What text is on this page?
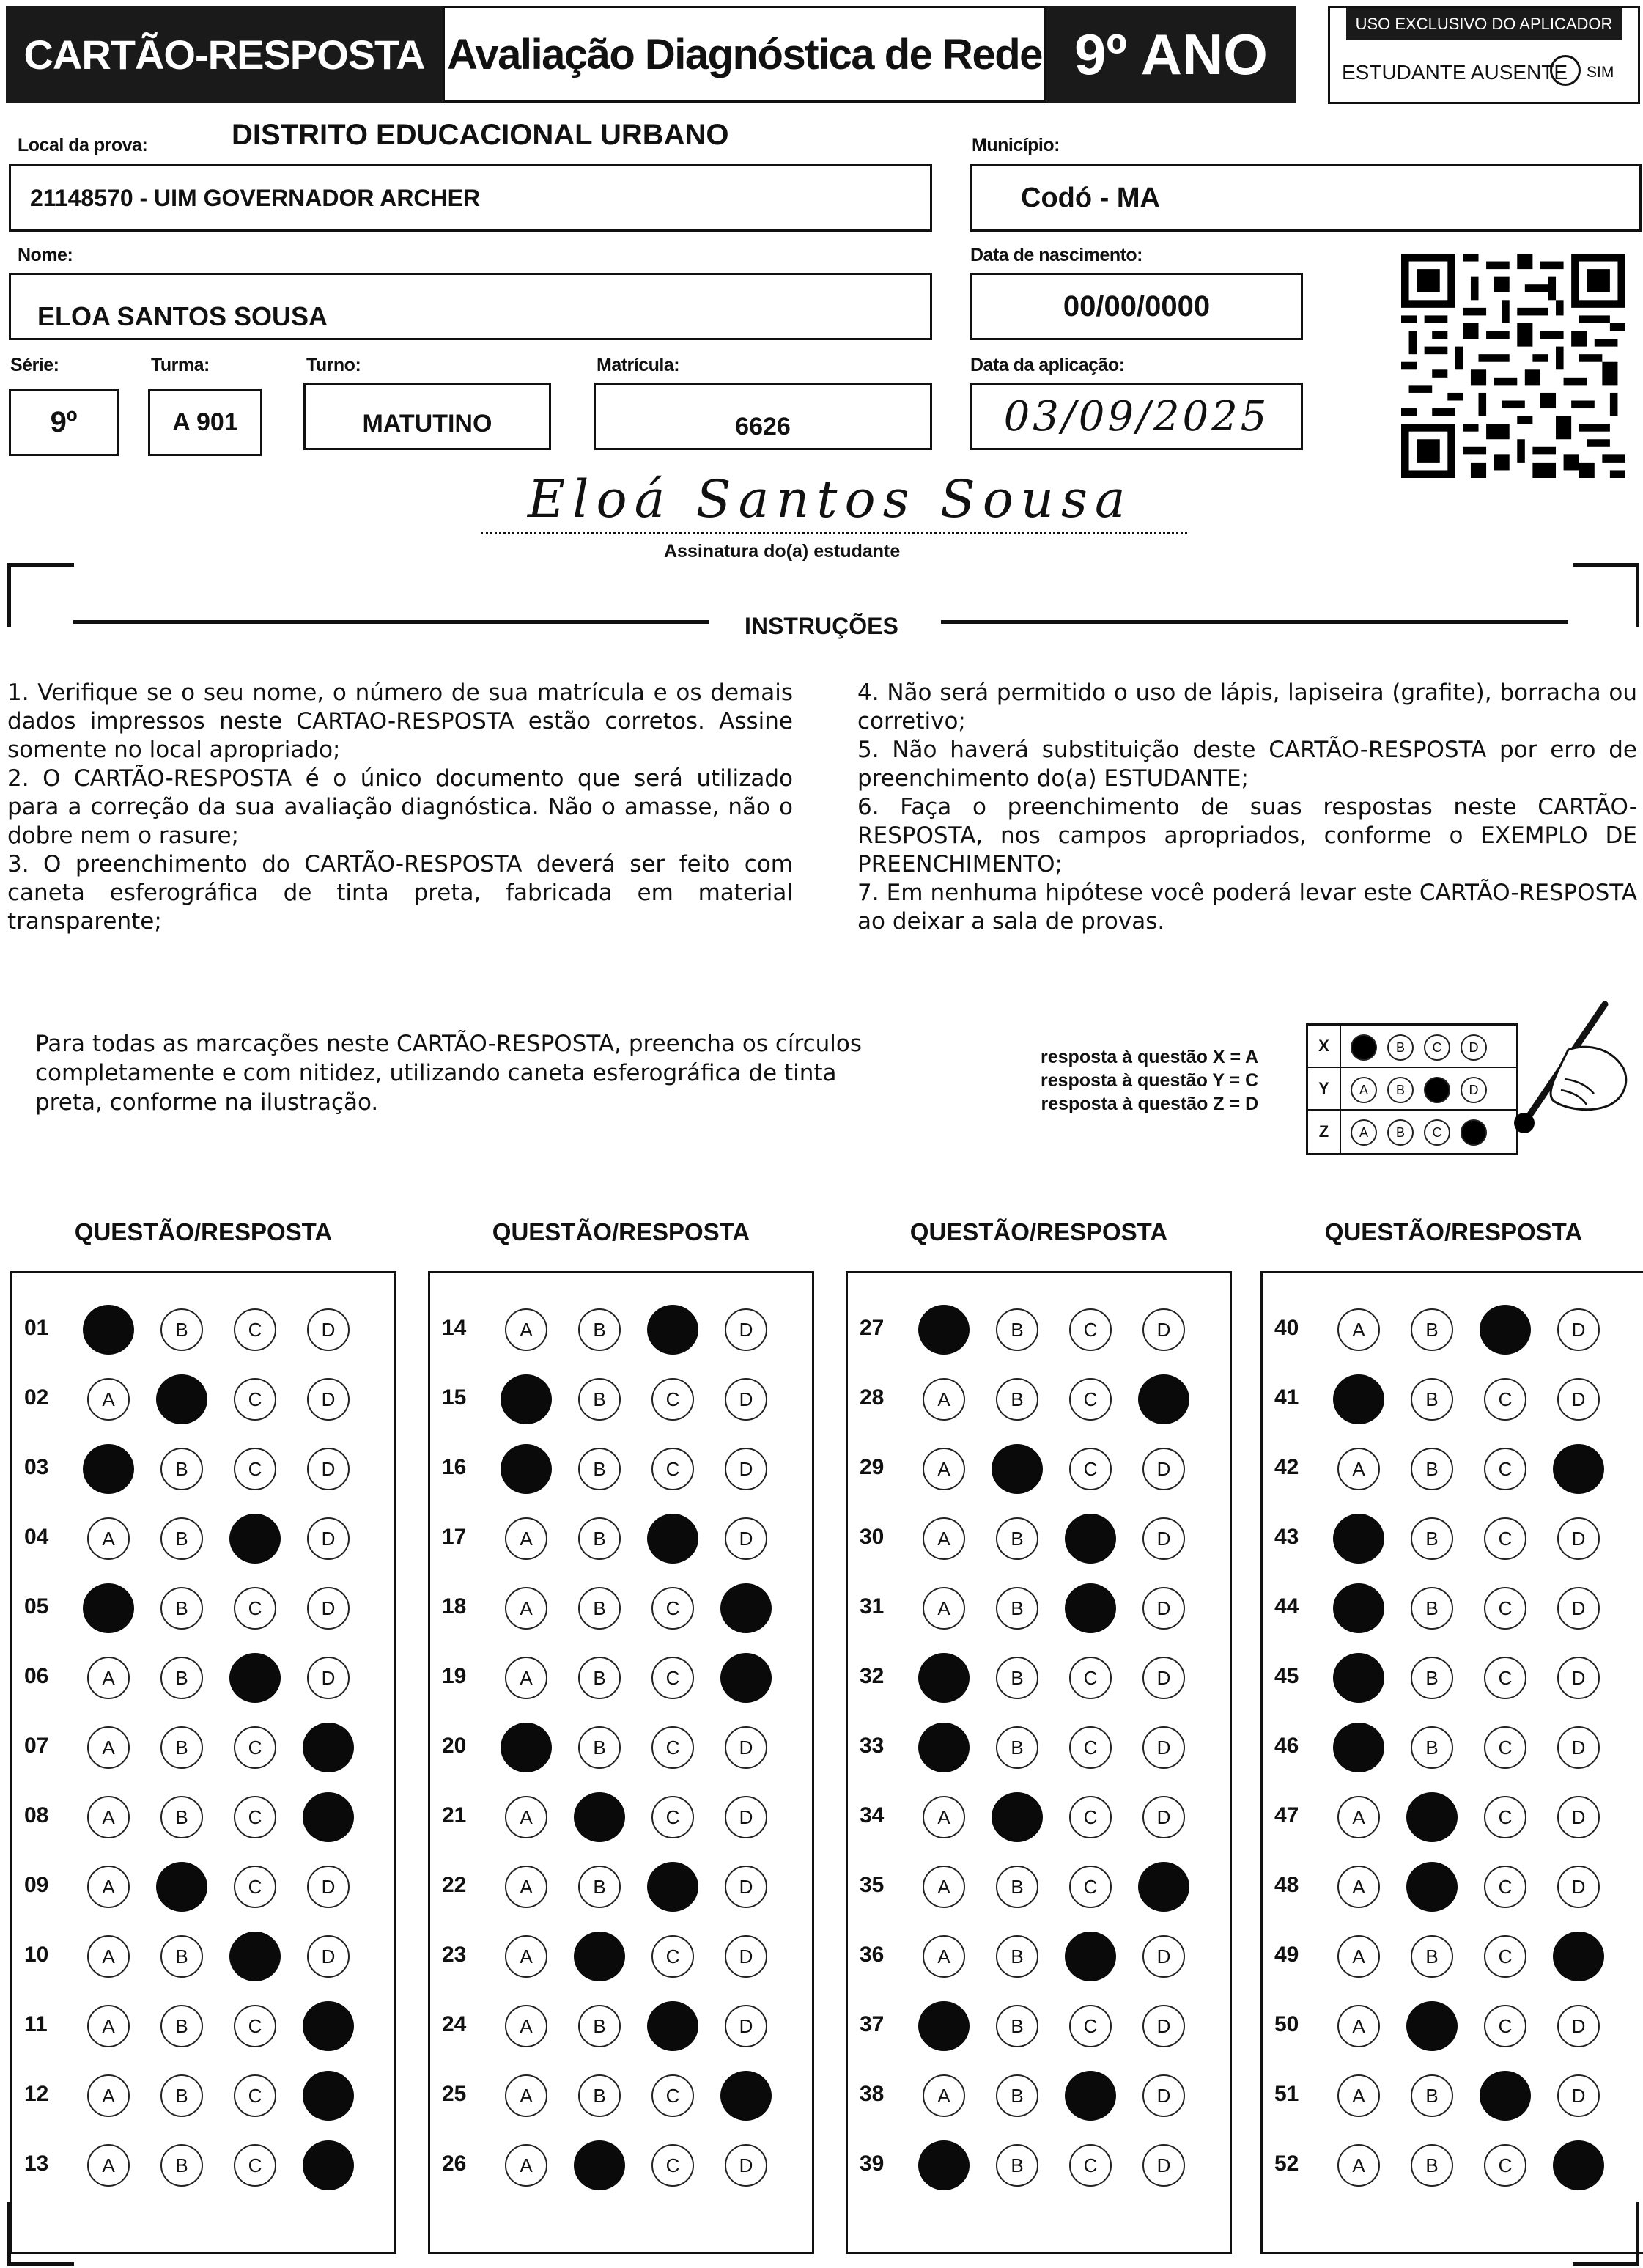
CARTÃO-RESPOSTA Avaliação Diagnóstica de Rede 9º ANO	USO EXCLUSIVO DO APLICADOR
ESTUDANTE AUSENTE SIM
Local da prova:	DISTRITO EDUCACIONAL URBANO
21148570 - UIM GOVERNADOR ARCHER
Município:
Codó - MA
Nome:
ELOA SANTOS SOUSA
Data de nascimento:
00/00/0000
Série:
9º
Turma:
A 901
Turno:
MATUTINO
Matrícula:
6626
Data da aplicação:
03/09/2025
Eloá Santos Sousa
Assinatura do(a) estudante
INSTRUÇÕES

1. Verifique se o seu nome, o número de sua matrícula e os demais dados impressos neste CARTAO-RESPOSTA estão corretos. Assine somente no local apropriado;

2. O CARTÃO-RESPOSTA é o único documento que será utilizado para a correção da sua avaliação diagnóstica. Não o amasse, não o dobre nem o rasure;

3. O preenchimento do CARTÃO-RESPOSTA deverá ser feito com caneta esferográfica de tinta preta, fabricada em material transparente;

4. Não será permitido o uso de lápis, lapiseira (grafite), borracha ou corretivo;

5. Não haverá substituição deste CARTÃO-RESPOSTA por erro de preenchimento do(a) ESTUDANTE;

6. Faça o preenchimento de suas respostas neste CARTÃO-RESPOSTA, nos campos apropriados, conforme o EXEMPLO DE PREENCHIMENTO;

7. Em nenhuma hipótese você poderá levar este CARTÃO-RESPOSTA ao deixar a sala de provas.

Para todas as marcações neste CARTÃO-RESPOSTA, preencha os círculos completamente e com nitidez, utilizando caneta esferográfica de tinta preta, conforme na ilustração.
resposta à questão X = A
resposta à questão Y = C
resposta à questão Z = D
X	B	C	D
Y	A	B	D
Z	A	B	C
QUESTÃO/RESPOSTA	QUESTÃO/RESPOSTA	QUESTÃO/RESPOSTA	QUESTÃO/RESPOSTA
01	B	C	D
02	A	C	D
03	B	C	D
04	A	B	D
05	B	C	D
06	A	B	D
07	A	B	C
08	A	B	C
09	A	C	D
10	A	B	D
11	A	B	C
12	A	B	C
13	A	B	C
14	A	B	D
15	B	C	D
16	B	C	D
17	A	B	D
18	A	B	C
19	A	B	C
20	B	C	D
21	A	C	D
22	A	B	D
23	A	C	D
24	A	B	D
25	A	B	C
26	A	C	D
27	B	C	D
28	A	B	C
29	A	C	D
30	A	B	D
31	A	B	D
32	B	C	D
33	B	C	D
34	A	C	D
35	A	B	C
36	A	B	D
37	B	C	D
38	A	B	D
39	B	C	D
40	A	B	D
41	B	C	D
42	A	B	C
43	B	C	D
44	B	C	D
45	B	C	D
46	B	C	D
47	A	C	D
48	A	C	D
49	A	B	C
50	A	C	D
51	A	B	D
52	A	B	C
